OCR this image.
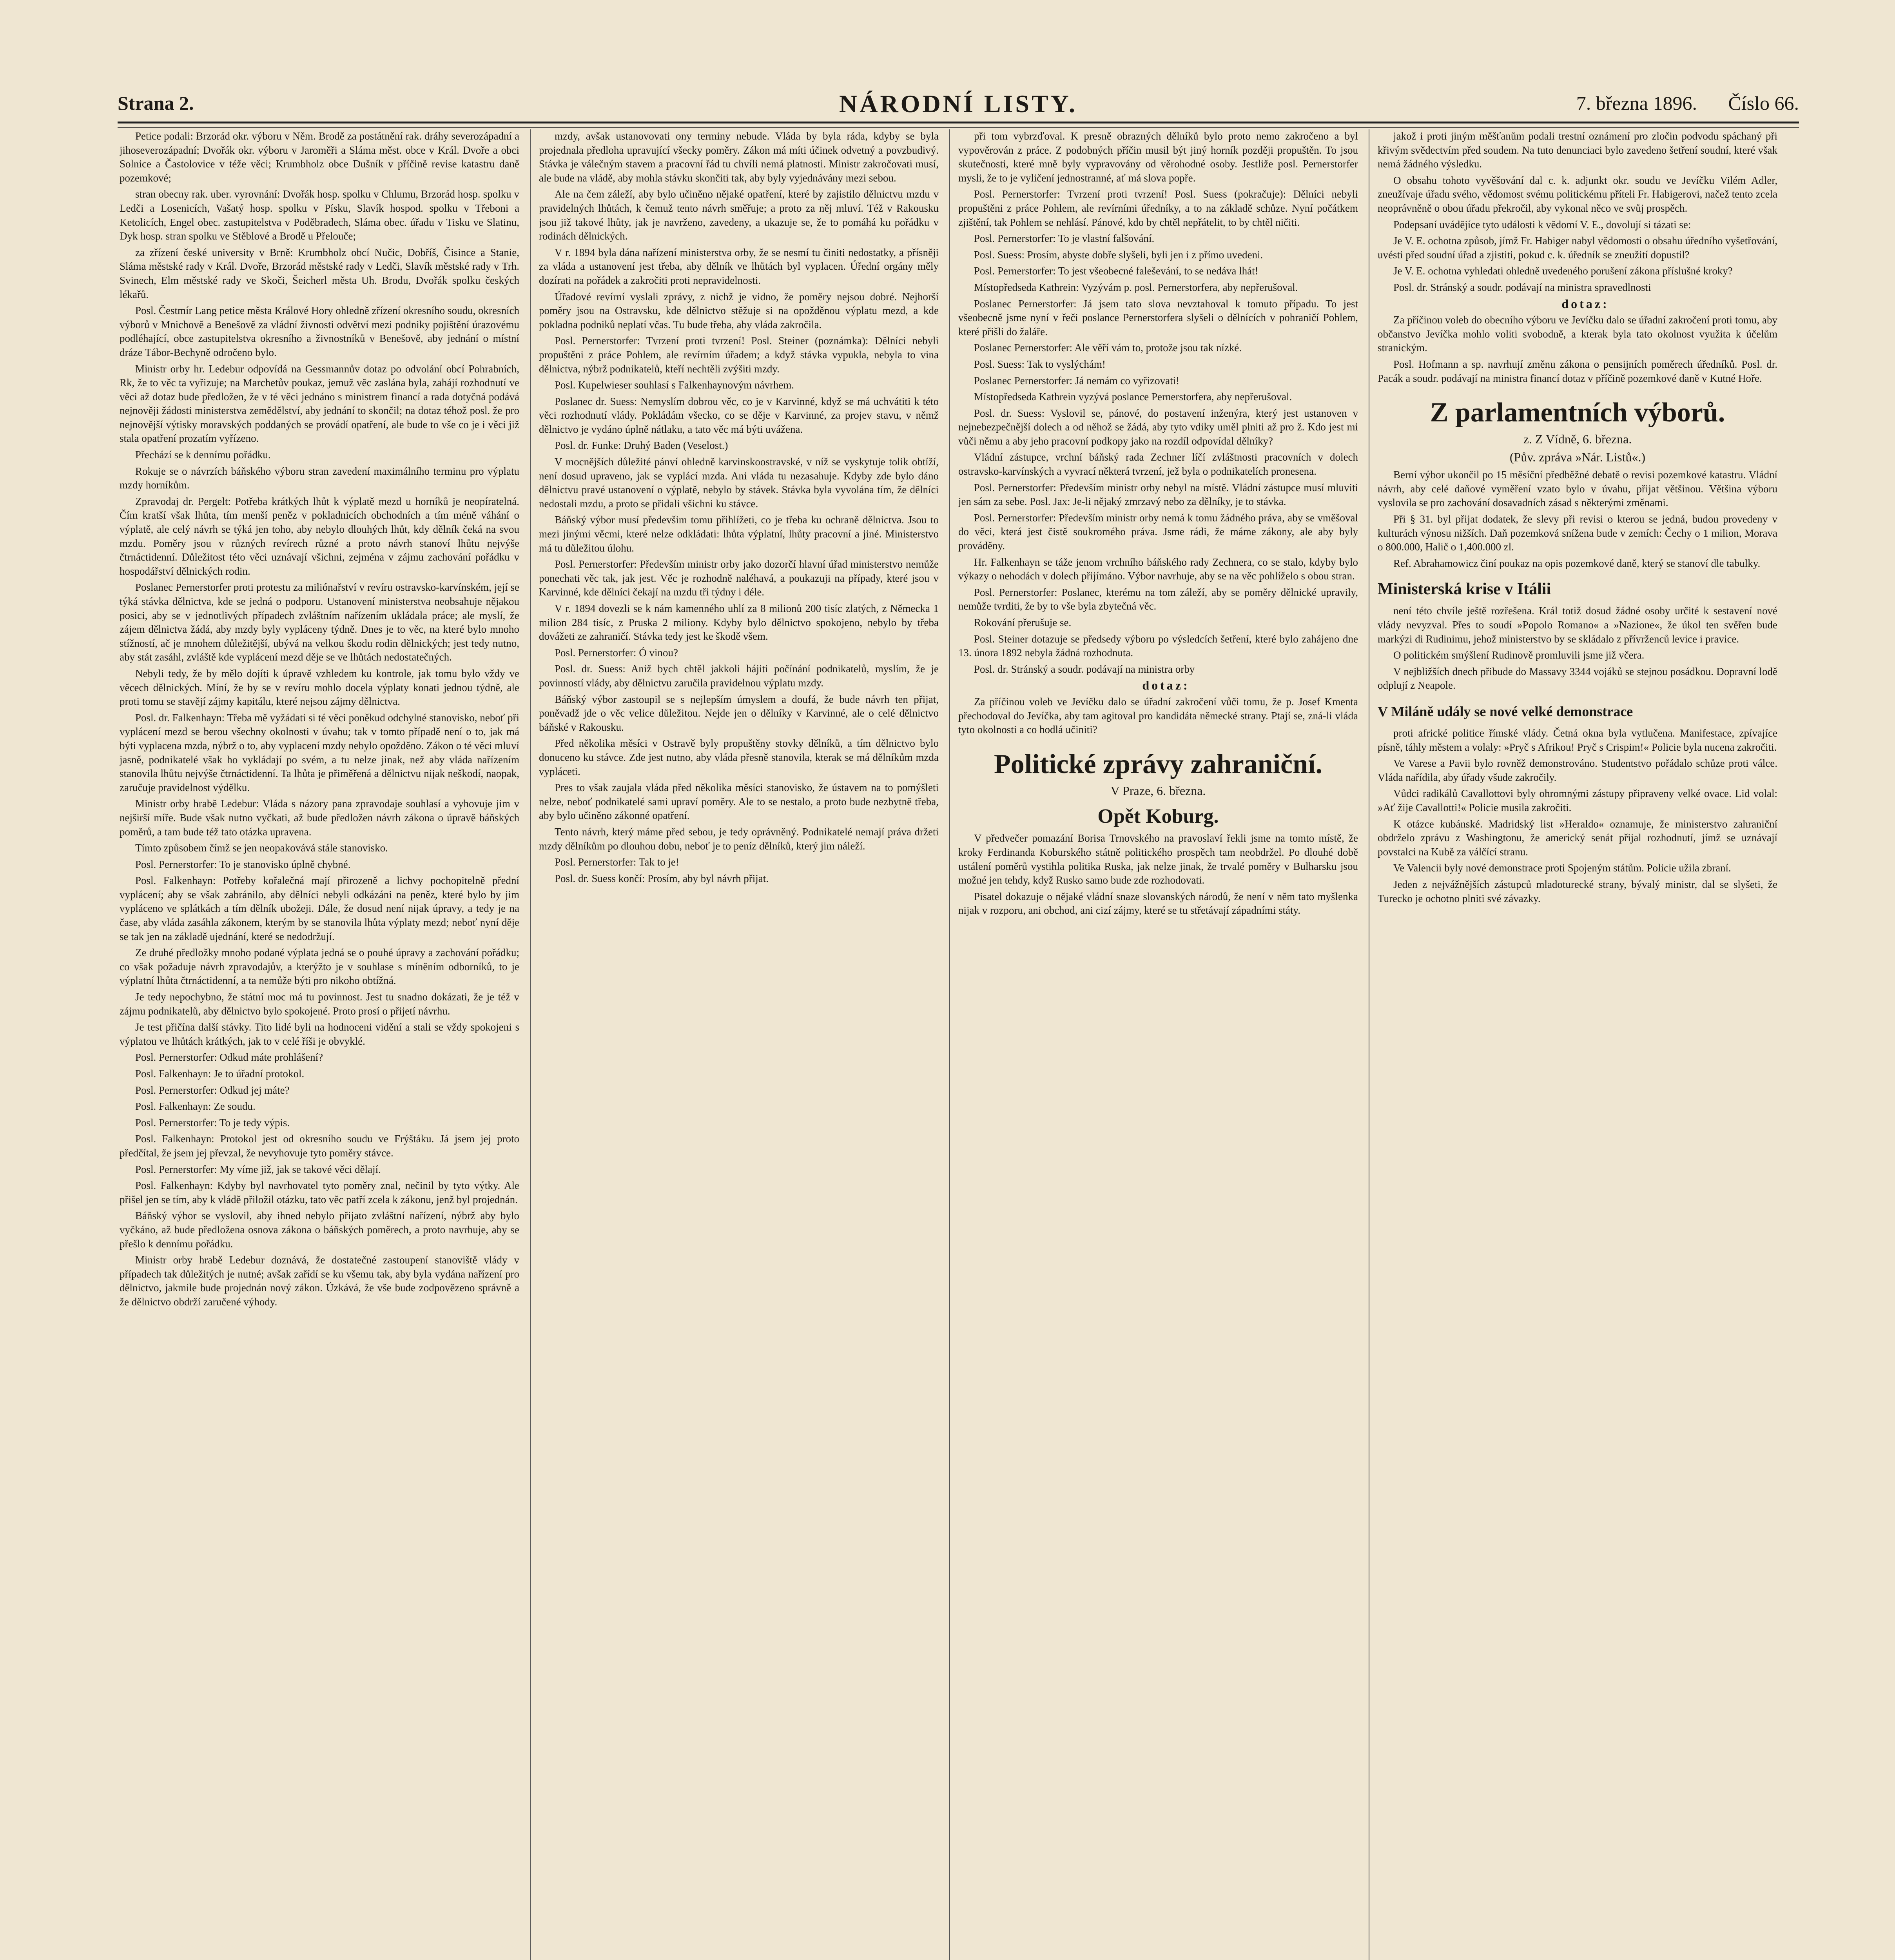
Strana 2.	NÁRODNÍ LISTY.	7. března 1896. Číslo 66.

Petice podali: Brzorád okr. výboru v Něm. Brodě za postátnění rak. dráhy severozápadní a jihoseverozápadní; Dvořák okr. výboru v Jaroměři a Sláma měst. obce v Král. Dvoře a obci Solnice a Častolovice v téže věci; Krumbholz obce Dušník v příčině revise katastru daně pozemkové;

stran obecny rak. uber. vyrovnání: Dvořák hosp. spolku v Chlumu, Brzorád hosp. spolku v Ledči a Losenicích, Vašatý hosp. spolku v Písku, Slavík hospod. spolku v Třeboni a Ketolicích, Engel obec. zastupitelstva v Poděbradech, Sláma obec. úřadu v Tisku ve Slatinu, Dyk hosp. stran spolku ve Stěblové a Brodě u Přelouče;

za zřízení české university v Brně: Krumbholz obcí Nučic, Dobříš, Čisince a Stanie, Sláma městské rady v Král. Dvoře, Brzorád městské rady v Ledči, Slavík městské rady v Trh. Svinech, Elm městské rady ve Skoči, Šeicherl města Uh. Brodu, Dvořák spolku českých lékařů.

Posl. Čestmír Lang petice města Králové Hory ohledně zřízení okresního soudu, okresních výborů v Mnichově a Benešově za vládní živnosti odvětví mezi podniky pojištění úrazovému podléhající, obce zastupitelstva okresního a živnostníků v Benešově, aby jednání o místní dráze Tábor-Bechyně odročeno bylo.

Ministr orby hr. Ledebur odpovídá na Gessmannův dotaz po odvolání obcí Pohrabních, Rk, že to věc ta vyřizuje; na Marchetův poukaz, jemuž věc zaslána byla, zahájí rozhodnutí ve věci až dotaz bude předložen, že v té věci jednáno s ministrem financí a rada dotyčná podává nejnověji žádosti ministerstva zemědělství, aby jednání to skončil; na dotaz téhož posl. že pro nejnovější výtisky moravských poddaných se provádí opatření, ale bude to vše co je i věci již stala opatření prozatím vyřízeno.

Přechází se k dennímu pořádku.

Rokuje se o návrzích báňského výboru stran zavedení maximálního terminu pro výplatu mzdy horníkům.

Zpravodaj dr. Pergelt: Potřeba krátkých lhůt k výplatě mezd u horníků je neopíratelná. Čím kratší však lhůta, tím menší peněz v pokladnicích obchodních a tím méně váhání o výplatě, ale celý návrh se týká jen toho, aby nebylo dlouhých lhůt, kdy dělník čeká na svou mzdu. Poměry jsou v různých revírech různé a proto návrh stanoví lhůtu nejvýše čtrnáctidenní. Důležitost této věci uznávají všichni, zejména v zájmu zachování pořádku v hospodářství dělnických rodin.

Poslanec Pernerstorfer proti protestu za miliónařství v revíru ostravsko-karvínském, její se týká stávka dělnictva, kde se jedná o podporu. Ustanovení ministerstva neobsahuje nějakou posici, aby se v jednotlivých případech zvláštním nařízením ukládala práce; ale myslí, že zájem dělnictva žádá, aby mzdy byly vypláceny týdně. Dnes je to věc, na které bylo mnoho stížností, ač je mnohem důležitější, ubývá na velkou škodu rodin dělnických; jest tedy nutno, aby stát zasáhl, zvláště kde vyplácení mezd děje se ve lhůtách nedostatečných.

Nebyli tedy, že by mělo dojíti k úpravě vzhledem ku kontrole, jak tomu bylo vždy ve věcech dělnických. Míní, že by se v revíru mohlo docela výplaty konati jednou týdně, ale proti tomu se stavějí zájmy kapitálu, které nejsou zájmy dělnictva.

Posl. dr. Falkenhayn: Třeba mě vyžádati si té věci poněkud odchylné stanovisko, neboť při vyplácení mezd se berou všechny okolnosti v úvahu; tak v tomto případě není o to, jak má býti vyplacena mzda, nýbrž o to, aby vyplacení mzdy nebylo opožděno. Zákon o té věci mluví jasně, podnikatelé však ho vykládají po svém, a tu nelze jinak, než aby vláda nařízením stanovila lhůtu nejvýše čtrnáctidenní. Ta lhůta je přiměřená a dělnictvu nijak neškodí, naopak, zaručuje pravidelnost výdělku.

Ministr orby hrabě Ledebur: Vláda s názory pana zpravodaje souhlasí a vyhovuje jim v nejširší míře. Bude však nutno vyčkati, až bude předložen návrh zákona o úpravě báňských poměrů, a tam bude též tato otázka upravena.

Tímto způsobem čímž se jen neopakovává stále stanovisko.

Posl. Pernerstorfer: To je stanovisko úplně chybné.

Posl. Falkenhayn: Potřeby kořalečná mají přirozeně a lichvy pochopitelně přední vyplácení; aby se však zabránilo, aby dělníci nebyli odkázáni na peněz, které bylo by jim vypláceno ve splátkách a tím dělník ubožeji. Dále, že dosud není nijak úpravy, a tedy je na čase, aby vláda zasáhla zákonem, kterým by se stanovila lhůta výplaty mezd; neboť nyní děje se tak jen na základě ujednání, které se nedodržují.

Ze druhé předložky mnoho podané výplata jedná se o pouhé úpravy a zachování pořádku; co však požaduje návrh zpravodajův, a kterýžto je v souhlase s míněním odborníků, to je výplatní lhůta čtrnáctidenní, a ta nemůže býti pro nikoho obtížná.

Je tedy nepochybno, že státní moc má tu povinnost. Jest tu snadno dokázati, že je též v zájmu podnikatelů, aby dělnictvo bylo spokojené. Proto prosí o přijetí návrhu.

Je test přičína další stávky. Tito lidé byli na hodnoceni vidění a stali se vždy spokojeni s výplatou ve lhůtách krátkých, jak to v celé říši je obvyklé.

Posl. Pernerstorfer: Odkud máte prohlášení?

Posl. Falkenhayn: Je to úřadní protokol.

Posl. Pernerstorfer: Odkud jej máte?

Posl. Falkenhayn: Ze soudu.

Posl. Pernerstorfer: To je tedy výpis.

Posl. Falkenhayn: Protokol jest od okresního soudu ve Frýštáku. Já jsem jej proto předčítal, že jsem jej převzal, že nevyhovuje tyto poměry stávce.

Posl. Pernerstorfer: My víme již, jak se takové věci dělají.

Posl. Falkenhayn: Kdyby byl navrhovatel tyto poměry znal, nečinil by tyto výtky. Ale přišel jen se tím, aby k vládě přiložil otázku, tato věc patří zcela k zákonu, jenž byl projednán.

Báňský výbor se vyslovil, aby ihned nebylo přijato zvláštní nařízení, nýbrž aby bylo vyčkáno, až bude předložena osnova zákona o báňských poměrech, a proto navrhuje, aby se přešlo k dennímu pořádku.

Ministr orby hrabě Ledebur doznává, že dostatečné zastoupení stanoviště vlády v případech tak důležitých je nutné; avšak zařídí se ku všemu tak, aby byla vydána nařízení pro dělnictvo, jakmile bude projednán nový zákon. Úzkává, že vše bude zodpovězeno správně a že dělnictvo obdrží zaručené výhody.

mzdy, avšak ustanovovati ony terminy nebude. Vláda by byla ráda, kdyby se byla projednala předloha upravující všecky poměry. Zákon má míti účinek odvetný a povzbudivý. Stávka je válečným stavem a pracovní řád tu chvíli nemá platnosti. Ministr zakročovati musí, ale bude na vládě, aby mohla stávku skončiti tak, aby byly vyjednávány mezi sebou.

Ale na čem záleží, aby bylo učiněno nějaké opatření, které by zajistilo dělnictvu mzdu v pravidelných lhůtách, k čemuž tento návrh směřuje; a proto za něj mluví. Též v Rakousku jsou již takové lhůty, jak je navrženo, zavedeny, a ukazuje se, že to pomáhá ku pořádku v rodinách dělnických.

V r. 1894 byla dána nařízení ministerstva orby, že se nesmí tu činiti nedostatky, a přísněji za vláda a ustanovení jest třeba, aby dělník ve lhůtách byl vyplacen. Úřední orgány měly dozírati na pořádek a zakročiti proti nepravidelnosti.

Úřadové revírní vyslali zprávy, z nichž je vidno, že poměry nejsou dobré. Nejhorší poměry jsou na Ostravsku, kde dělnictvo stěžuje si na opožděnou výplatu mezd, a kde pokladna podniků neplatí včas. Tu bude třeba, aby vláda zakročila.

Posl. Pernerstorfer: Tvrzení proti tvrzení! Posl. Steiner (poznámka): Dělníci nebyli propuštěni z práce Pohlem, ale revírním úřadem; a když stávka vypukla, nebyla to vina dělnictva, nýbrž podnikatelů, kteří nechtěli zvýšiti mzdy.

Posl. Kupelwieser souhlasí s Falkenhaynovým návrhem.

Poslanec dr. Suess: Nemyslím dobrou věc, co je v Karvinné, když se má uchvátiti k této věci rozhodnutí vlády. Pokládám všecko, co se děje v Karvinné, za projev stavu, v němž dělnictvo je vydáno úplně nátlaku, a tato věc má býti uvážena.

Posl. dr. Funke: Druhý Baden (Veselost.)

V mocnějších důležité pánví ohledně karvinskoostravské, v níž se vyskytuje tolik obtíží, není dosud upraveno, jak se vyplácí mzda. Ani vláda tu nezasahuje. Kdyby zde bylo dáno dělnictvu pravé ustanovení o výplatě, nebylo by stávek. Stávka byla vyvolána tím, že dělníci nedostali mzdu, a proto se přidali všichni ku stávce.

Báňský výbor musí předevšim tomu přihlížeti, co je třeba ku ochraně dělnictva. Jsou to mezi jinými věcmi, které nelze odkládati: lhůta výplatní, lhůty pracovní a jiné. Ministerstvo má tu důležitou úlohu.

Posl. Pernerstorfer: Především ministr orby jako dozorčí hlavní úřad ministerstvo nemůže ponechati věc tak, jak jest. Věc je rozhodně naléhavá, a poukazuji na případy, které jsou v Karvinné, kde dělníci čekají na mzdu tři týdny i déle.

V r. 1894 dovezli se k nám kamenného uhlí za 8 milionů 200 tisíc zlatých, z Německa 1 milion 284 tisíc, z Pruska 2 miliony. Kdyby bylo dělnictvo spokojeno, nebylo by třeba dovážeti ze zahraničí. Stávka tedy jest ke škodě všem.

Posl. Pernerstorfer: Ó vinou?

Posl. dr. Suess: Aniž bych chtěl jakkoli hájiti počínání podnikatelů, myslím, že je povinností vlády, aby dělnictvu zaručila pravidelnou výplatu mzdy.

Báňský výbor zastoupil se s nejlepším úmyslem a doufá, že bude návrh ten přijat, poněvadž jde o věc velice důležitou. Nejde jen o dělníky v Karvinné, ale o celé dělnictvo báňské v Rakousku.

Před několika měsíci v Ostravě byly propuštěny stovky dělníků, a tím dělnictvo bylo donuceno ku stávce. Zde jest nutno, aby vláda přesně stanovila, kterak se má dělníkům mzda vypláceti.

Pres to však zaujala vláda před několika měsíci stanovisko, že ústavem na to pomýšleti nelze, neboť podnikatelé sami upraví poměry. Ale to se nestalo, a proto bude nezbytně třeba, aby bylo učiněno zákonné opatření.

Tento návrh, který máme před sebou, je tedy oprávněný. Podnikatelé nemají práva držeti mzdy dělníkům po dlouhou dobu, neboť je to peníz dělníků, který jim náleží.

Posl. Pernerstorfer: Tak to je!

Posl. dr. Suess končí: Prosím, aby byl návrh přijat.

při tom vybrzďoval. K presně obrazných dělníků bylo proto nemo zakročeno a byl vypověrován z práce. Z podobných příčin musil být jiný horník později propuštěn. To jsou skutečnosti, které mně byly vypravovány od věrohodné osoby. Jestliže posl. Pernerstorfer mysli, že to je vyličení jednostranné, ať má slova popře.

Posl. Pernerstorfer: Tvrzení proti tvrzení! Posl. Suess (pokračuje): Dělníci nebyli propuštěni z práce Pohlem, ale revírními úředníky, a to na základě schůze. Nyní počátkem zjištění, tak Pohlem se nehlásí. Pánové, kdo by chtěl nepřátelit, to by chtěl ničiti.

Posl. Pernerstorfer: To je vlastní falšování.

Posl. Suess: Prosím, abyste dobře slyšeli, byli jen i z přímo uvedeni.

Posl. Pernerstorfer: To jest všeobecné faleševání, to se nedáva lhát!

Místopředseda Kathrein: Vyzývám p. posl. Pernerstorfera, aby nepřerušoval.

Poslanec Pernerstorfer: Já jsem tato slova nevztahoval k tomuto případu. To jest všeobecně jsme nyní v řeči poslance Pernerstorfera slyšeli o dělnících v pohraničí Pohlem, které přišli do žaláře.

Poslanec Pernerstorfer: Ale věří vám to, protože jsou tak nízké.

Posl. Suess: Tak to vyslýchám!

Poslanec Pernerstorfer: Já nemám co vyřizovati!

Místopředseda Kathrein vyzývá poslance Pernerstorfera, aby nepřerušoval.

Posl. dr. Suess: Vyslovil se, pánové, do postavení inženýra, který jest ustanoven v nejnebezpečnější dolech a od něhož se žádá, aby tyto vdiky uměl plniti až pro ž. Kdo jest mi vůči němu a aby jeho pracovní podkopy jako na rozdíl odpovídal dělníky?

Vládní zástupce, vrchní báňský rada Zechner líčí zvláštnosti pracovních v dolech ostravsko-karvínských a vyvrací některá tvrzení, jež byla o podnikatelích pronesena.

Posl. Pernerstorfer: Především ministr orby nebyl na místě. Vládní zástupce musí mluviti jen sám za sebe. Posl. Jax: Je-li nějaký zmrzavý nebo za dělníky, je to stávka.

Posl. Pernerstorfer: Především ministr orby nemá k tomu žádného práva, aby se vměšoval do věci, která jest čistě soukromého práva. Jsme rádi, že máme zákony, ale aby byly prováděny.

Hr. Falkenhayn se táže jenom vrchního báňského rady Zechnera, co se stalo, kdyby bylo výkazy o nehodách v dolech přijímáno. Výbor navrhuje, aby se na věc pohlíželo s obou stran.

Posl. Pernerstorfer: Poslanec, kterému na tom záleží, aby se poměry dělnické upravily, nemůže tvrditi, že by to vše byla zbytečná věc.

Rokování přerušuje se.

Posl. Steiner dotazuje se předsedy výboru po výsledcích šetření, které bylo zahájeno dne 13. února 1892 nebyla žádná rozhodnuta.

Posl. dr. Stránský a soudr. podávají na ministra orby

dotaz:

Za příčinou voleb ve Jevíčku dalo se úřadní zakročení vůči tomu, že p. Josef Kmenta přechodoval do Jevíčka, aby tam agitoval pro kandidáta německé strany. Ptají se, zná-li vláda tyto okolnosti a co hodlá učiniti?

Politické zprávy zahraniční.
V Praze, 6. března.
Opět Koburg.

V předvečer pomazání Borisa Trnovského na pravoslaví řekli jsme na tomto místě, že kroky Ferdinanda Koburského státně politického prospěch tam neobdržel. Po dlouhé době ustálení poměrů vystihla politika Ruska, jak nelze jinak, že trvalé poměry v Bulharsku jsou možné jen tehdy, když Rusko samo bude zde rozhodovati.

Pisatel dokazuje o nějaké vládní snaze slovanských národů, že není v něm tato myšlenka nijak v rozporu, ani obchod, ani cizí zájmy, které se tu střetávají západními státy.

jakož i proti jiným měšťanům podali trestní oznámení pro zločin podvodu spáchaný při křivým svědectvím před soudem. Na tuto denunciaci bylo zavedeno šetření soudní, které však nemá žádného výsledku.

O obsahu tohoto vyvěšování dal c. k. adjunkt okr. soudu ve Jevíčku Vilém Adler, zneužívaje úřadu svého, vědomost svému politickému příteli Fr. Habigerovi, načež tento zcela neoprávněně o obou úřadu překročil, aby vykonal něco ve svůj prospěch.

Podepsaní uvádějíce tyto události k vědomí V. E., dovolují si tázati se:

Je V. E. ochotna způsob, jímž Fr. Habiger nabyl vědomosti o obsahu úředního vyšetřování, uvésti před soudní úřad a zjistiti, pokud c. k. úředník se zneužití dopustil?

Je V. E. ochotna vyhledati ohledně uvedeného porušení zákona příslušné kroky?

Posl. dr. Stránský a soudr. podávají na ministra spravedlnosti

dotaz:

Za příčinou voleb do obecního výboru ve Jevíčku dalo se úřadní zakročení proti tomu, aby občanstvo Jevíčka mohlo voliti svobodně, a kterak byla tato okolnost využita k účelům stranickým.

Posl. Hofmann a sp. navrhují změnu zákona o pensijních poměrech úředníků. Posl. dr. Pacák a soudr. podávají na ministra financí dotaz v příčině pozemkové daně v Kutné Hoře.

Z parlamentních výborů.
z. Z Vídně, 6. března.
(Pův. zpráva »Nár. Listů«.)

Berní výbor ukončil po 15 měsíční předběžné debatě o revisi pozemkové katastru. Vládní návrh, aby celé daňové vyměření vzato bylo v úvahu, přijat většinou. Většina výboru vyslovila se pro zachování dosavadních zásad s některými změnami.

Při § 31. byl přijat dodatek, že slevy při revisi o kterou se jedná, budou provedeny v kulturách výnosu nižších. Daň pozemková snížena bude v zemích: Čechy o 1 milion, Morava o 800.000, Halič o 1,400.000 zl.

Ref. Abrahamowicz činí poukaz na opis pozemkové daně, který se stanoví dle tabulky.

Ministerská krise v Itálii

není této chvíle ještě rozřešena. Král totiž dosud žádné osoby určité k sestavení nové vlády nevyzval. Přes to soudí »Popolo Romano« a »Nazione«, že úkol ten svěřen bude markýzi di Rudinimu, jehož ministerstvo by se skládalo z přívrženců levice i pravice.

O politickém smýšlení Rudinově promluvili jsme již včera.

V nejbližších dnech přibude do Massavy 3344 vojáků se stejnou posádkou. Dopravní lodě odplují z Neapole.

V Miláně udály se nové velké demonstrace

proti africké politice římské vlády. Četná okna byla vytlučena. Manifestace, zpívajíce písně, táhly městem a volaly: »Pryč s Afrikou! Pryč s Crispim!« Policie byla nucena zakročiti.

Ve Varese a Pavii bylo rovněž demonstrováno. Studentstvo pořádalo schůze proti válce. Vláda nařídila, aby úřady všude zakročily.

Vůdci radikálů Cavallottovi byly ohromnými zástupy připraveny velké ovace. Lid volal: »Ať žije Cavallotti!« Policie musila zakročiti.

K otázce kubánské. Madridský list »Heraldo« oznamuje, že ministerstvo zahraniční obdrželo zprávu z Washingtonu, že americký senát přijal rozhodnutí, jímž se uznávají povstalci na Kubě za válčící stranu.

Ve Valencii byly nové demonstrace proti Spojeným státům. Policie užila zbraní.

Jeden z nejvážnějších zástupců mladoturecké strany, bývalý ministr, dal se slyšeti, že Turecko je ochotno plniti své závazky.
